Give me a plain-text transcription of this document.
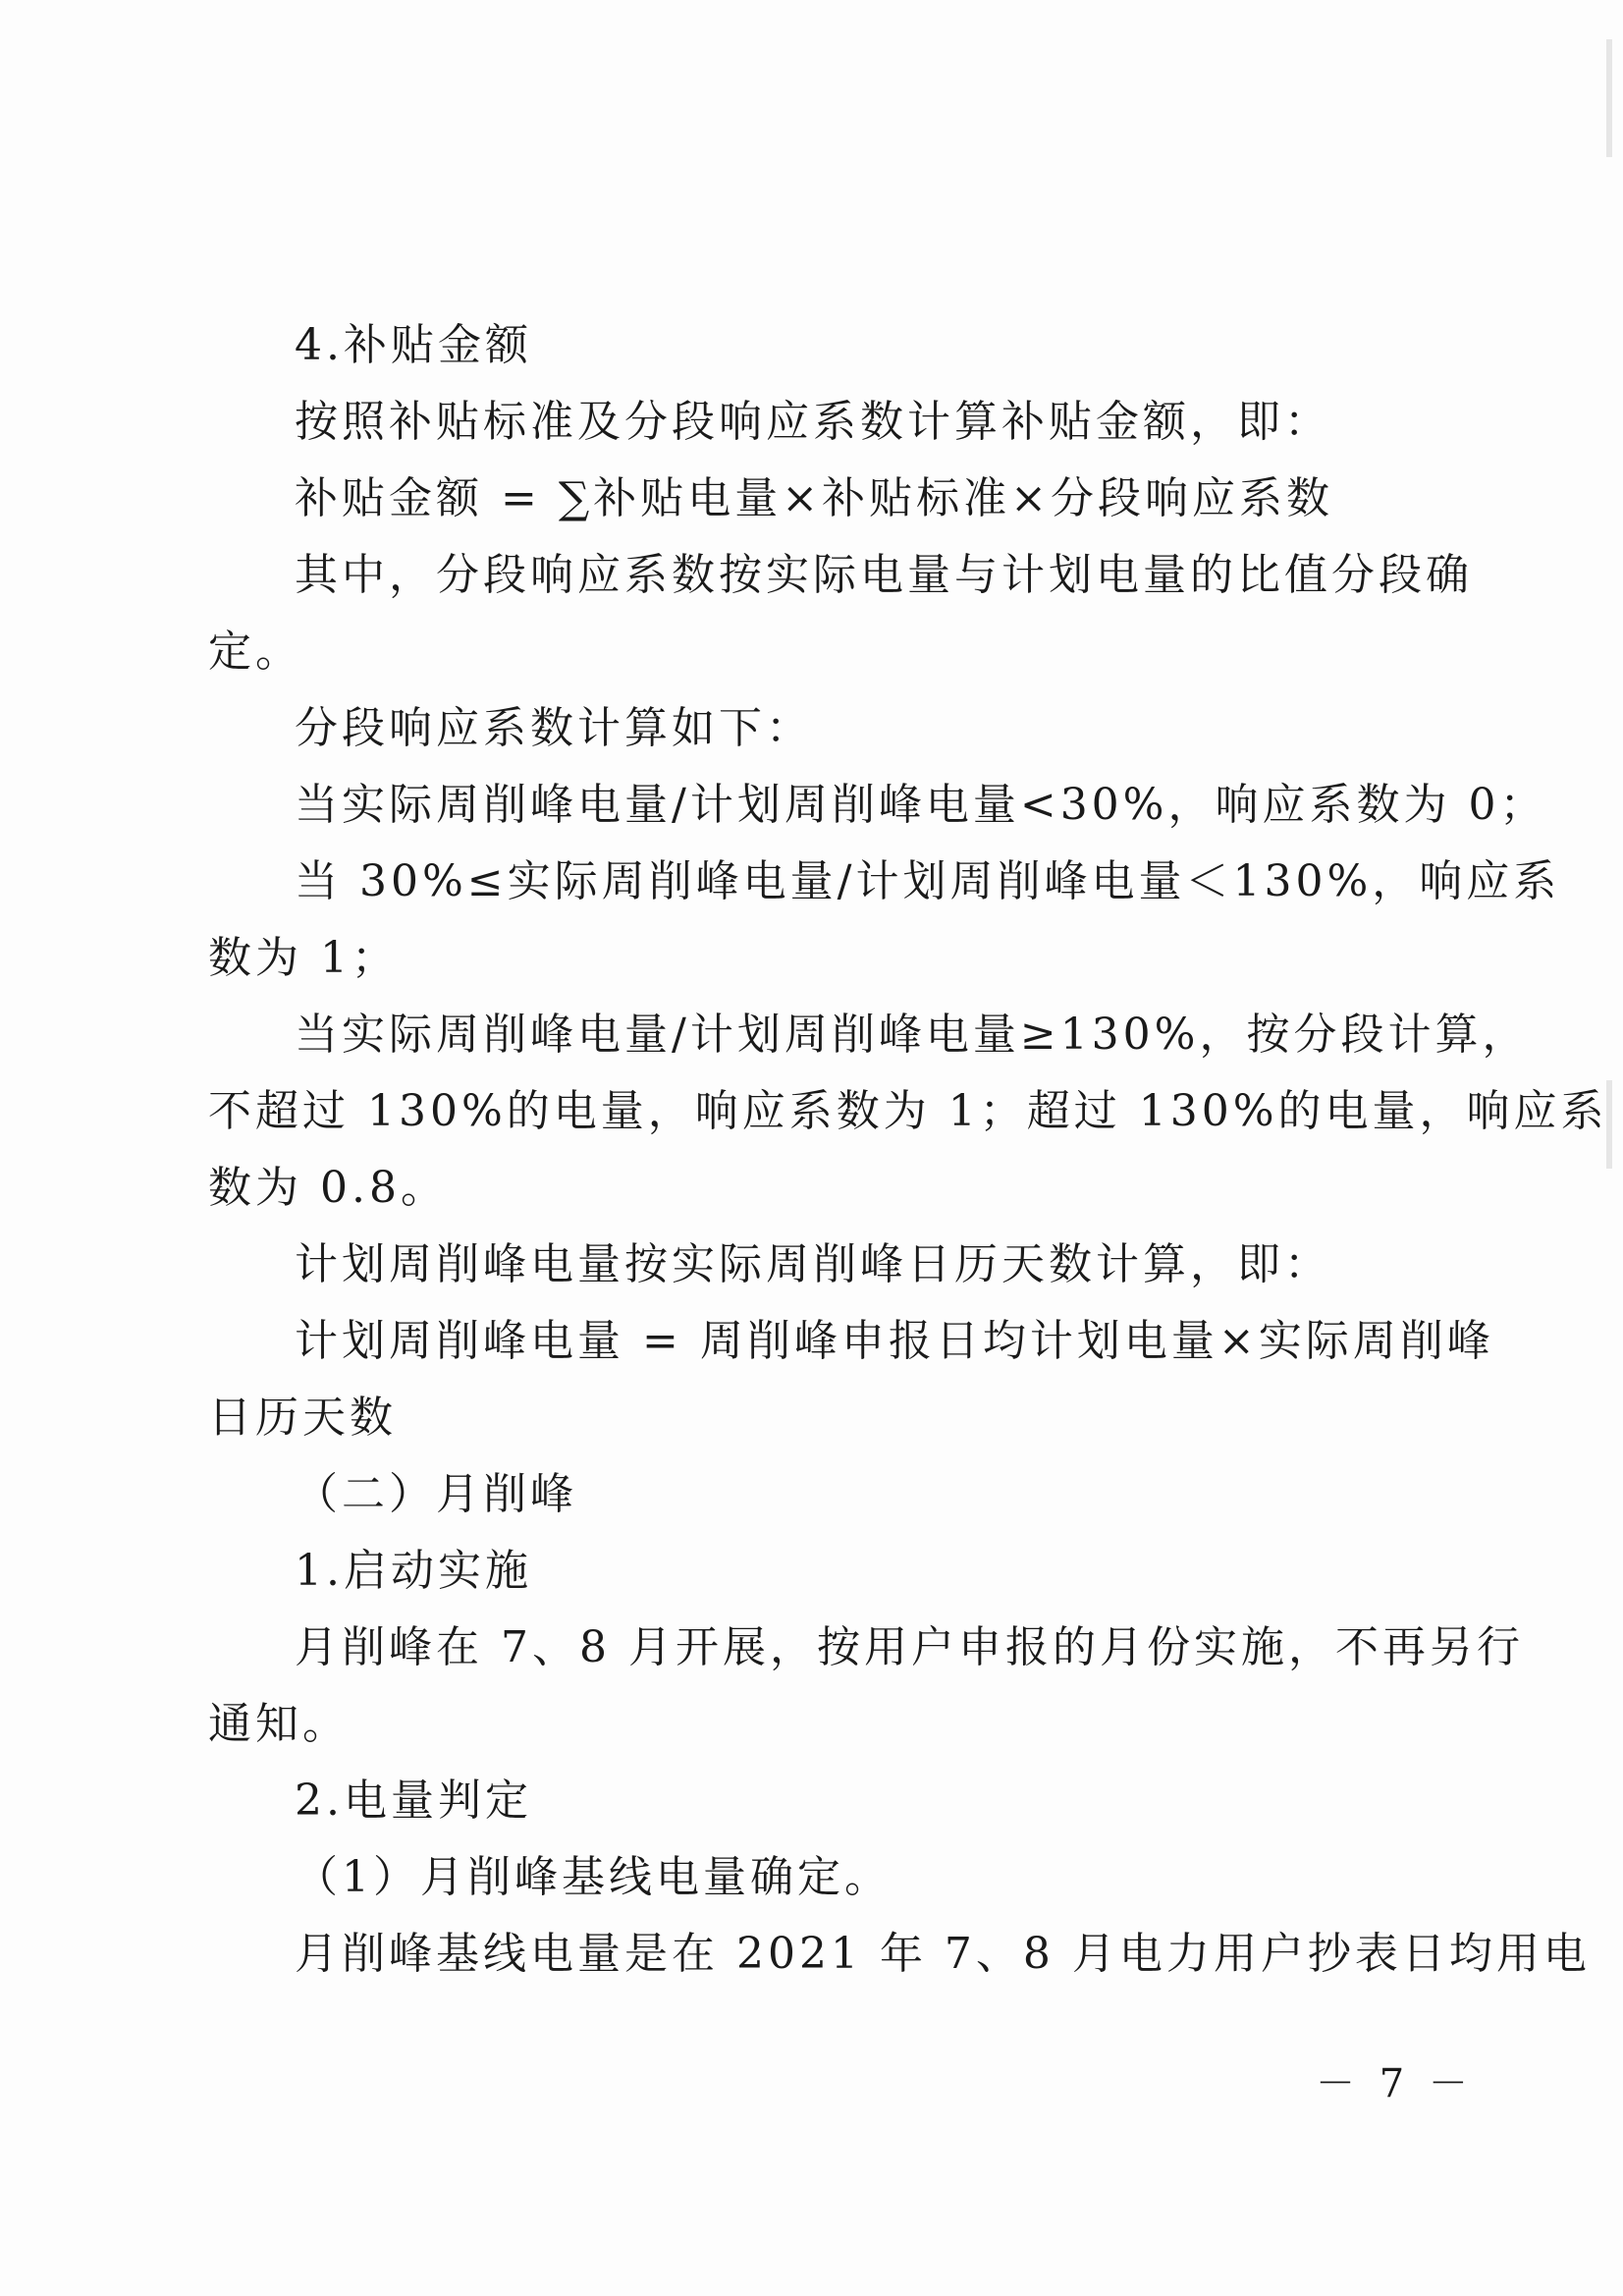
4.补贴金额
按照补贴标准及分段响应系数计算补贴金额，即：
补贴金额 = ∑补贴电量×补贴标准×分段响应系数
其中，分段响应系数按实际电量与计划电量的比值分段确
定。
分段响应系数计算如下：
当实际周削峰电量/计划周削峰电量<30%，响应系数为 0；
当 30%≤实际周削峰电量/计划周削峰电量＜130%，响应系
数为 1；
当实际周削峰电量/计划周削峰电量≥130%，按分段计算，
不超过 130%的电量，响应系数为 1；超过 130%的电量，响应系
数为 0.8。
计划周削峰电量按实际周削峰日历天数计算，即：
计划周削峰电量 = 周削峰申报日均计划电量×实际周削峰
日历天数
（二）月削峰
1.启动实施
月削峰在 7、8 月开展，按用户申报的月份实施，不再另行
通知。
2.电量判定
（1）月削峰基线电量确定。
月削峰基线电量是在 2021 年 7、8 月电力用户抄表日均用电
－ 7 －
